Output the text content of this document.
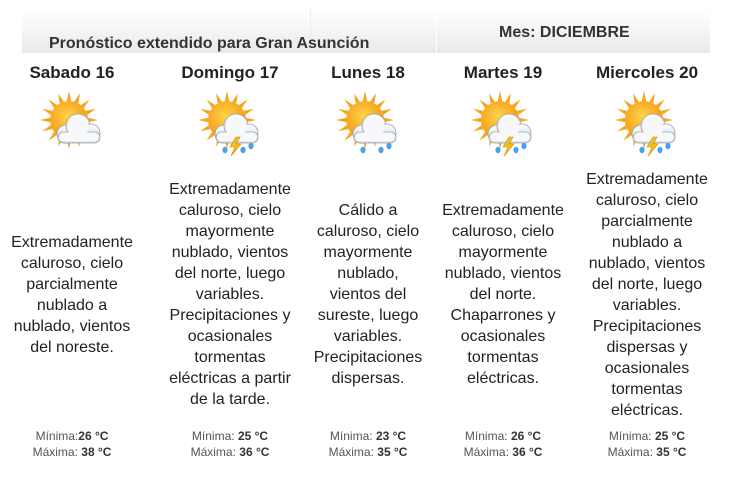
Pronóstico extendido para Gran Asunción
Mes: DICIEMBRE
Sabado 16
Extremadamente
caluroso, cielo
parcialmente
nublado a
nublado, vientos
del noreste.
Mínima:26 °C
Máxima: 38 °C
Domingo 17
Extremadamente
caluroso, cielo
mayormente
nublado, vientos
del norte, luego
variables.
Precipitaciones y
ocasionales
tormentas
eléctricas a partir
de la tarde.
Mínima: 25 °C
Máxima: 36 °C
Lunes 18
Cálido a
caluroso, cielo
mayormente
nublado,
vientos del
sureste, luego
variables.
Precipitaciones
dispersas.
Mínima: 23 °C
Máxima: 35 °C
Martes 19
Extremadamente
caluroso, cielo
mayormente
nublado, vientos
del norte.
Chaparrones y
ocasionales
tormentas
eléctricas.
Mínima: 26 °C
Máxima: 36 °C
Miercoles 20
Extremadamente
caluroso, cielo
parcialmente
nublado a
nublado, vientos
del norte, luego
variables.
Precipitaciones
dispersas y
ocasionales
tormentas
eléctricas.
Mínima: 25 °C
Máxima: 35 °C
